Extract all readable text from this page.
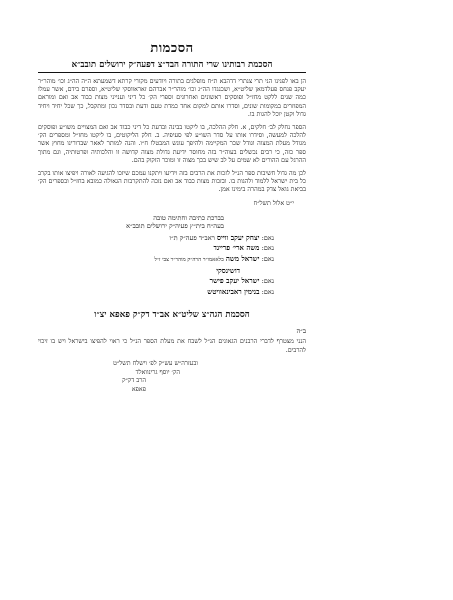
הסכמות
הסכמת רבותינו שרי התורה הבד״צ דפעה״ק ירושלים תובב״א

הן באו לפנינו הני תרי צנתרי דדהבא ת״ח מופלגים בתורה ויודעים מקורי קרתא דשמעתא ה״ה הה״ג וכו׳ מוהר״ר יעקב פנחס פעלדמאן שליט״א, ושכנגדו הה״ג וכו׳ מוהר״ר אברהם זאראווסקי שליט״א, וספרם בידם, אשר עמלו כמה שנים ללקט מחז״ל ופוסקים ראשונים ואחרונים וספרי הק׳ כל דיני וענייני מצות כבוד אב ואם ומוראם המפוזרים במקומות שונים, וסדרו אותם למקום אחד כמדת טעם ודעת ובסדר נכון ומתקבל, כך שכל יחיד ויחיד גדול וקטן יוכל להגות בו.

הספר נחלק לב׳ חלקים, א. חלק ההלכה, בו ליקטו בבינה ובדעת כל דיני כבוד אב ואם המצויים משו״ע ופוסקים להלכה למעשה, וסידרו אותו על סדר השו״ע לפי סעיפיה. ב. חלק הליקוטים, בו ליקטו מחז״ל ומספרים הק׳ מגודל מעלת המצוה וגודל שכר המקיימה ולהיפך עונש המבטלו ח״ו. והנה למותר לאאר שבדורינו מחוץ אשר ספר כזה, כי רבים נכשלים בעוה״ר בזה מחוסר ידיעת גדולת מצוה קדושה זו והלכותיה ופרטותיה, וגם מתוך ההרגל עם ההורים לא שמים על לב שיש בכך מצוה זו ומוכר הזקוק בהם.

לכן מה גדול חשיבות ספר הנ״ל לזכות את הרבים בזה וידיעו ויתקנו עמכם שיזכו להגיעה לאורה ויפיצו אותו בקרב כל בית ישראל ללמוד ולהגות בו. ובזכות מצות כבוד אב ואם נזכה להתקרבות הגאולה כמובא בחז״ל ובספרים הק׳ בביאת גואל צדק במהרה בימינו אמן.

י״ט אלול תשל״ח
בברכת כתיבה וחתימה טובה
בעה״ח בית״ץ פעיה״ק ירושלים תובב״א
נאם: יצחק יעקב ווייס ראב״ד פעה״ק ת״ו
נאם: משה ארי׳ פריינד
נאם: ישראל משה בלאאמו״ר הרה״ק מוהר״ר צבי ז״ל
דושינסקי
נאם: ישראל יעקב פישר
נאם: בנימין ראבינאוויטש
הסכמת הגה״צ שליט״א אב״ד דק״ק פאפא יצ״ו
ב״ה

הנני מצטרף לדברי הרבנים הגאונים הנ״ל לשבח את מעלת הספר הנ״ל כי ראוי להפיצו בישראל ויש בו זיכוי להרבים.

ובעזרה״ש עש״ק לפ׳ וישלח תשל״ט
הק׳ יוסף גרינוואלד
הרב דק״ק
פאפא
